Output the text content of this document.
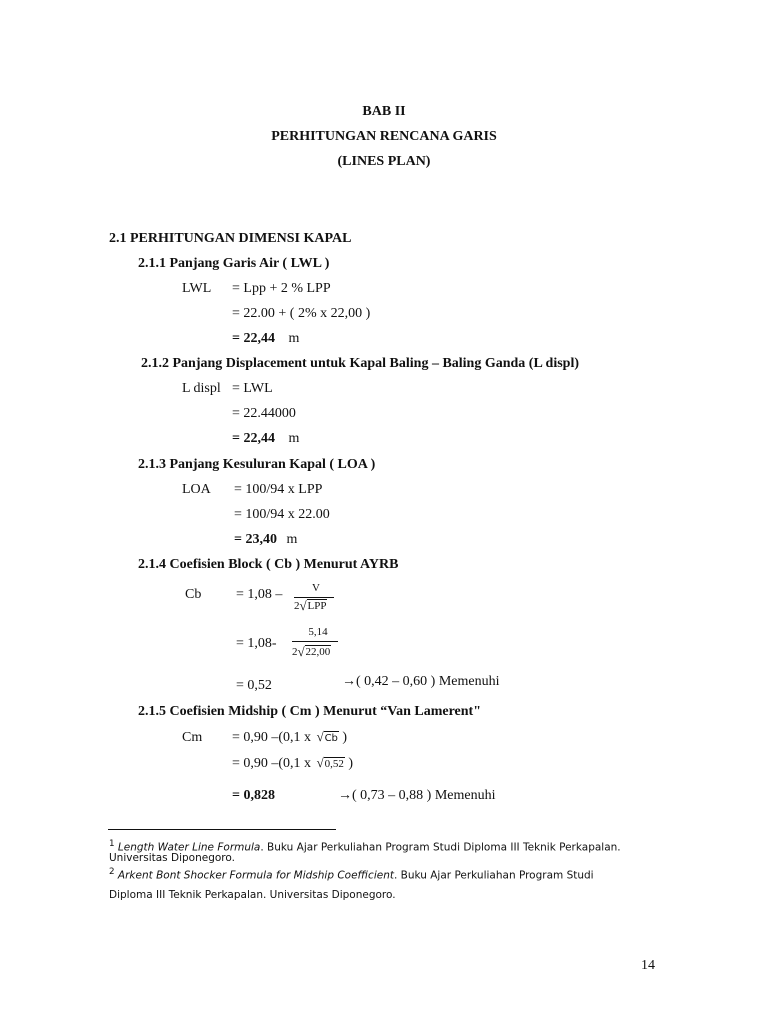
BAB II
PERHITUNGAN RENCANA GARIS
(LINES PLAN)
2.1 PERHITUNGAN DIMENSI KAPAL
2.1.1 Panjang Garis Air ( LWL )
LWL = Lpp + 2 % LPP
= 22.00 + ( 2% x 22,00 )
= 22,44 m
2.1.2 Panjang Displacement untuk Kapal Baling – Baling Ganda (L displ)
L displ = LWL
= 22.44000
= 22,44 m
2.1.3 Panjang Kesuluran Kapal ( LOA )
LOA = 100/94 x LPP
= 100/94 x 22.00
= 23,40 m
2.1.4 Coefisien Block ( Cb ) Menurut AYRB
Cb = 1,08 –	V
2 √ LPP
= 1,08-
5,14
2 √ 22,00
= 0,52	→( 0,42 – 0,60 ) Memenuhi
2.1.5 Coefisien Midship ( Cm ) Menurut “Van Lamerent"
Cm = 0,90 –(0,1 x √ Cb )
= 0,90 –(0,1 x √ 0,52 )
= 0,828	→( 0,73 – 0,88 ) Memenuhi
$^1$ Length Water Line Formula. Buku Ajar Perkuliahan Program Studi Diploma III Teknik Perkapalan.
Universitas Diponegoro.
$^2$ Arkent Bont Shocker Formula for Midship Coefficient. Buku Ajar Perkuliahan Program Studi
Diploma III Teknik Perkapalan. Universitas Diponegoro.
14
